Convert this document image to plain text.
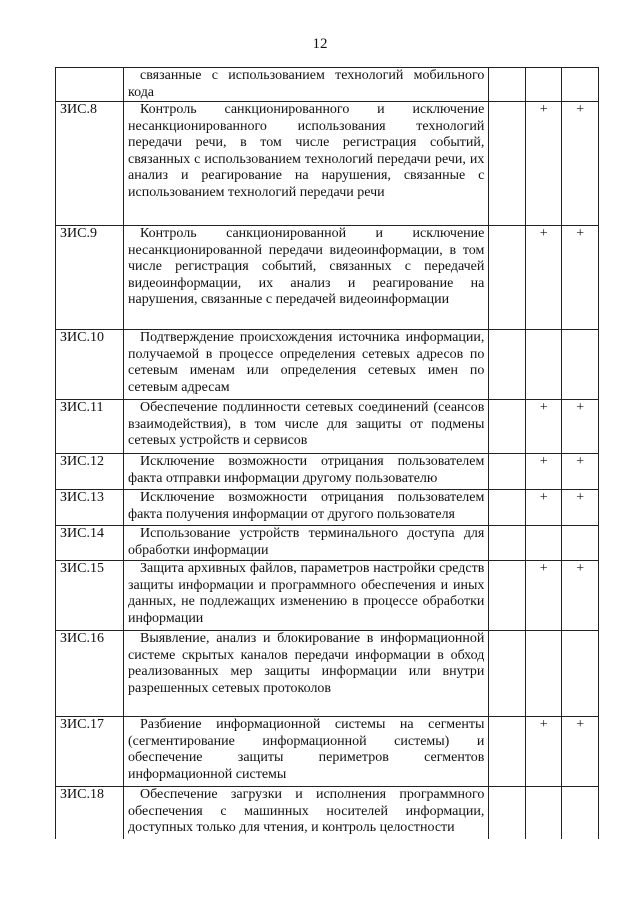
12

	связанные с использованием технологий мобильного кода			

ЗИС.8	Контроль санкционированного и исключение несанкционированного использования технологий передачи речи, в том числе регистрация событий, связанных с использованием технологий передачи речи, их анализ и реагирование на нарушения, связанные с использованием технологий передачи речи		+	+
ЗИС.9	Контроль санкционированной и исключение несанкционированной передачи видеоинформации, в том числе регистрация событий, связанных с передачей видеоинформации, их анализ и реагирование на нарушения, связанные с передачей видеоинформации		+	+
ЗИС.10	Подтверждение происхождения источника информации, получаемой в процессе определения сетевых адресов по сетевым именам или определения сетевых имен по сетевым адресам			

ЗИС.11	Обеспечение подлинности сетевых соединений (сеансов взаимодействия), в том числе для защиты от подмены сетевых устройств и сервисов		+	+
ЗИС.12	Исключение возможности отрицания пользователем факта отправки информации другому пользователю		+	+
ЗИС.13	Исключение возможности отрицания пользователем факта получения информации от другого пользователя		+	+
ЗИС.14	Использование устройств терминального доступа для обработки информации			

ЗИС.15	Защита архивных файлов, параметров настройки средств защиты информации и программного обеспечения и иных данных, не подлежащих изменению в процессе обработки информации		+	+
ЗИС.16	Выявление, анализ и блокирование в информационной системе скрытых каналов передачи информации в обход реализованных мер защиты информации или внутри разрешенных сетевых протоколов			

ЗИС.17	Разбиение информационной системы на сегменты (сегментирование информационной системы) и обеспечение защиты периметров сегментов информационной системы		+	+
ЗИС.18	Обеспечение загрузки и исполнения программного обеспечения с машинных носителей информации, доступных только для чтения, и контроль целостности			
